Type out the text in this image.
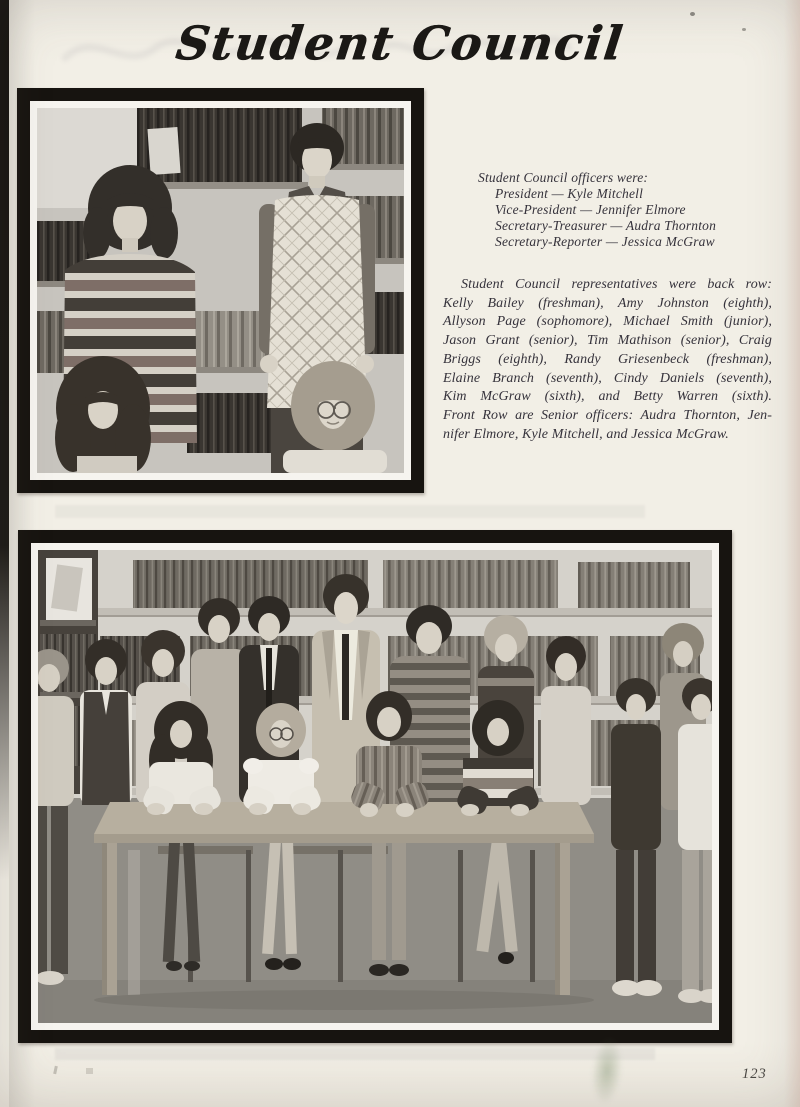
Student Council
Student Council officers were:
President — Kyle Mitchell
Vice-President — Jennifer Elmore
Secretary-Treasurer — Audra Thornton
Secretary-Reporter — Jessica McGraw
Student Council representatives were back row:
Kelly Bailey (freshman), Amy Johnston (eighth),
Allyson Page (sophomore), Michael Smith (junior),
Jason Grant (senior), Tim Mathison (senior), Craig
Briggs (eighth), Randy Griesenbeck (freshman),
Elaine Branch (seventh), Cindy Daniels (seventh),
Kim McGraw (sixth), and Betty Warren (sixth).
Front Row are Senior officers: Audra Thornton, Jen-
nifer Elmore, Kyle Mitchell, and Jessica McGraw.
123
